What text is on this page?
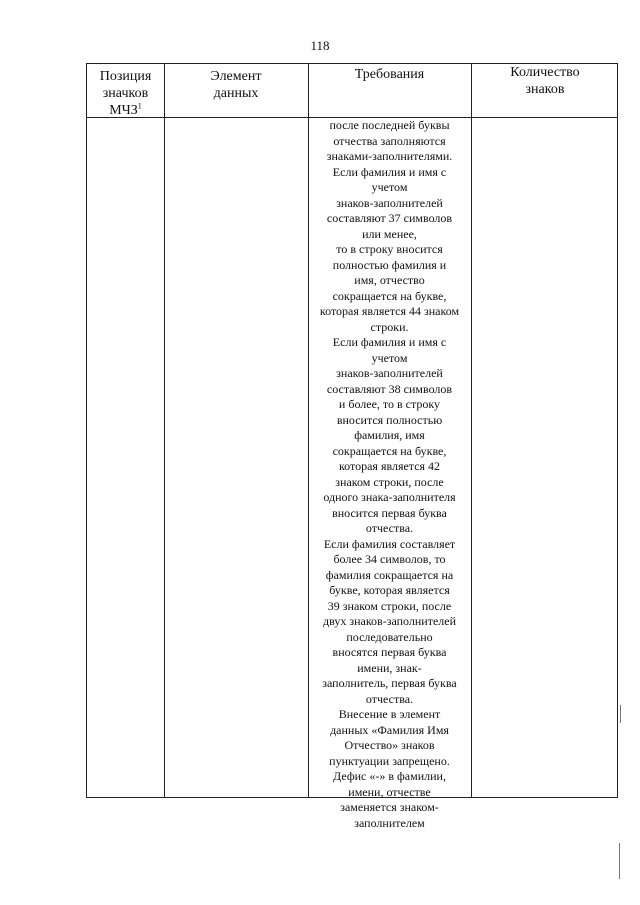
118
Позиция
значков
МЧЗ$^1$
Элемент
данных
Требования	Количество
знаков
после последней буквы
отчества заполняются
знаками-заполнителями.
Если фамилия и имя с
учетом
знаков-заполнителей
составляют 37 символов
или менее,
то в строку вносится
полностью фамилия и
имя, отчество
сокращается на букве,
которая является 44 знаком
строки.
Если фамилия и имя с
учетом
знаков-заполнителей
составляют 38 символов
и более, то в строку
вносится полностью
фамилия, имя
сокращается на букве,
которая является 42
знаком строки, после
одного знака-заполнителя
вносится первая буква
отчества.
Если фамилия составляет
более 34 символов, то
фамилия сокращается на
букве, которая является
39 знаком строки, после
двух знаков-заполнителей
последовательно
вносятся первая буква
имени, знак-
заполнитель, первая буква
отчества.
Внесение в элемент
данных «Фамилия Имя
Отчество» знаков
пунктуации запрещено.
Дефис «-» в фамилии,
имени, отчестве
заменяется знаком-
заполнителем
